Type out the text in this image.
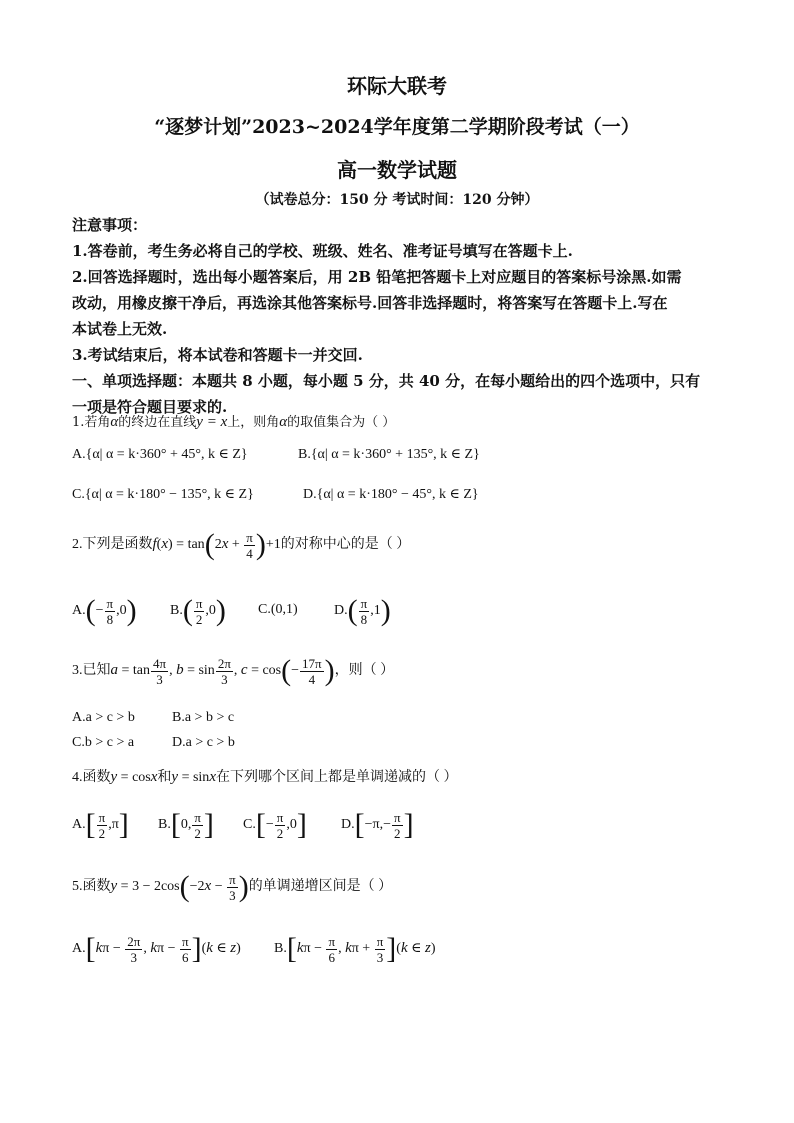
环际大联考
“逐梦计划”2023~2024学年度第二学期阶段考试（一）
高一数学试题
（试卷总分：150 分 考试时间：120 分钟）
注意事项：
1.答卷前，考生务必将自己的学校、班级、姓名、准考证号填写在答题卡上.
2.回答选择题时，选出每小题答案后，用 2B 铅笔把答题卡上对应题目的答案标号涂黑.如需
改动，用橡皮擦干净后，再选涂其他答案标号.回答非选择题时，将答案写在答题卡上.写在
本试卷上无效.
3.考试结束后，将本试卷和答题卡一并交回.
一、单项选择题：本题共 8 小题，每小题 5 分，共 40 分，在每小题给出的四个选项中，只有
一项是符合题目要求的.
1.若角α的终边在直线y = x上，则角α的取值集合为（ ）
A.{α| α = k·360° + 45°, k ∈ Z}	B.{α| α = k·360° + 135°, k ∈ Z}
C.{α| α = k·180° − 135°, k ∈ Z}	D.{α| α = k·180° − 45°, k ∈ Z}
2.下列是函数$f(x) = \tan(2x + \frac{\pi}{4} )+1$的对称中心的是（ ）
$A.(- \frac{\pi}{8} ,0)$ $B.( \frac{\pi}{2} ,0)$ C.(0,1)	$D.( \frac{\pi}{8} ,1)$
3.已知$a = \tan \frac{4\pi}{3}$ , $b = \sin \frac{2\pi}{3}$ , $c = \cos(- \frac{17\pi}{4}$ )，则（ ）
A.a > c > b	B.a > b > c
C.b > c > a	D.a > c > b
4.函数y = cosx和y = sinx在下列哪个区间上都是单调递减的（ ）
$A.[ \frac{\pi}{2} ,\pi]$ B.[0, $\frac{\pi}{2}$ ] $C.[- \frac{\pi}{2} ,0]$ $D.[-\pi,- \frac{\pi}{2}$ ]
5.函数$y = 3 - 2\cos(-2x - \frac{\pi}{3}$ )的单调递增区间是（ ）
$A.[k\pi - \frac{2\pi}{3}$ , $k\pi - \frac{\pi}{6} ](k$ ∈ z) $B.[k\pi - \frac{\pi}{6}$ , $k\pi + \frac{\pi}{3} ](k$ ∈ z)
